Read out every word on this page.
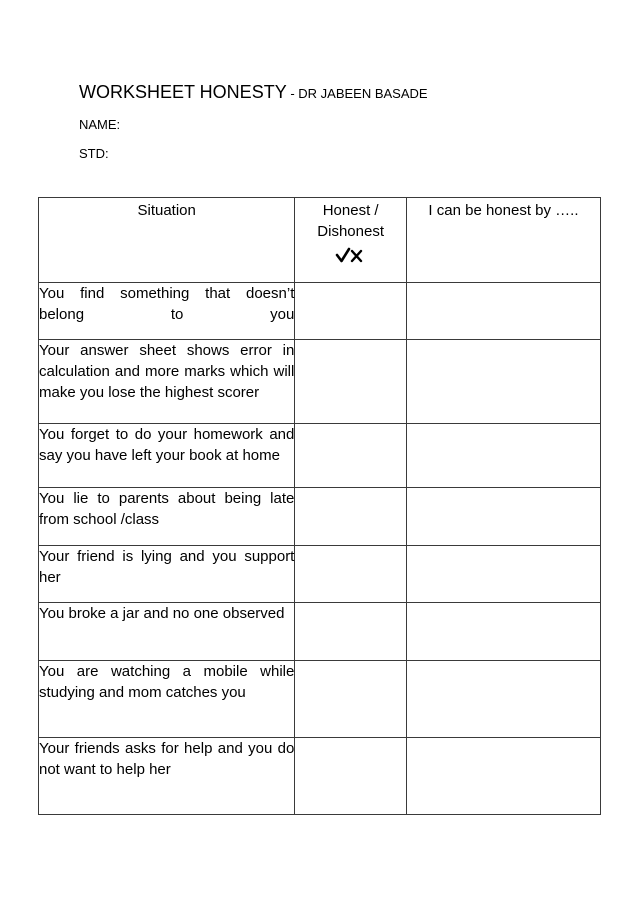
WORKSHEET HONESTY - DR JABEEN BASADE
NAME:
STD:
Situation	Honest / Dishonest	I can be honest by …..

You find something that doesn’t belong to you		
Your answer sheet shows error in calculation and more marks which will make you lose the highest scorer		
You forget to do your homework and say you have left your book at home		
You lie to parents about being late from school /class		
Your friend is lying and you support her		
You broke a jar and no one observed		
You are watching a mobile while studying and mom catches you		
Your friends asks for help and you do not want to help her		
